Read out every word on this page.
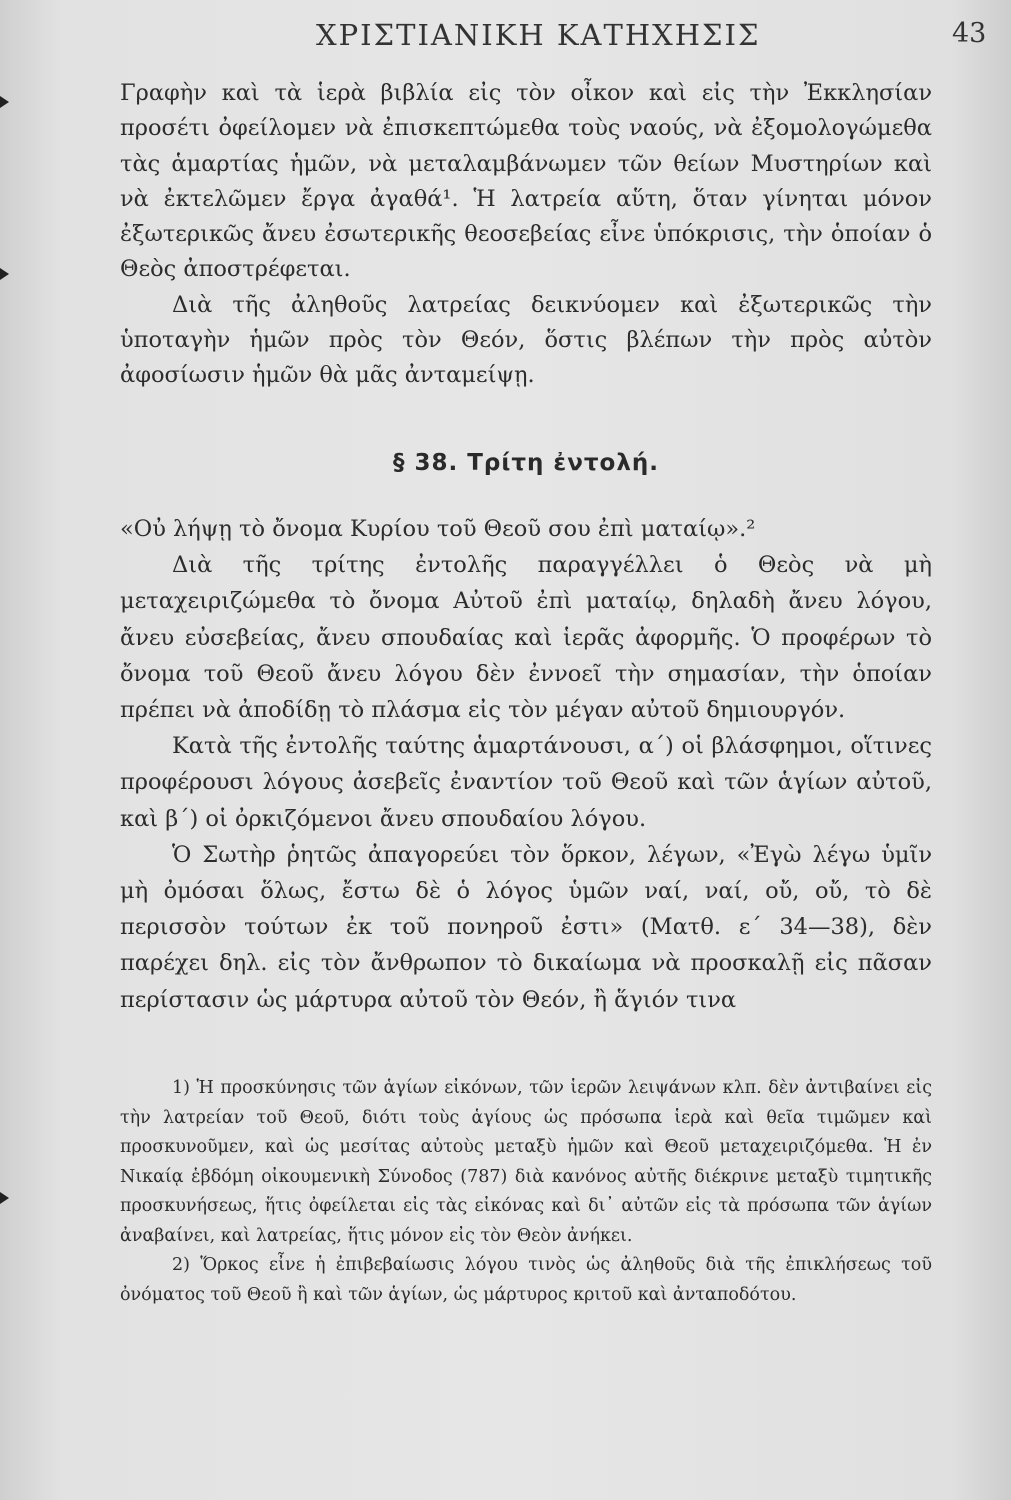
ΧΡΙΣΤΙΑΝΙΚΗ ΚΑΤΗΧΗΣΙΣ	43

Γραφὴν καὶ τὰ ἱερὰ βιβλία εἰς τὸν οἶκον καὶ εἰς τὴν Ἐκκλησίαν προσέτι ὀφείλομεν νὰ ἐπισκεπτώμεθα τοὺς ναούς, νὰ ἐξομολογώμεθα τὰς ἁμαρτίας ἡμῶν, νὰ μεταλαμβάνωμεν τῶν θείων Μυστηρίων καὶ νὰ ἐκτελῶμεν ἔργα ἀγαθά¹. Ἡ λατρεία αὕτη, ὅταν γίνηται μόνον ἐξωτερικῶς ἄνευ ἐσωτερικῆς θεοσεβείας εἶνε ὑπόκρισις, τὴν ὁποίαν ὁ Θεὸς ἀποστρέφεται.

Διὰ τῆς ἀληθοῦς λατρείας δεικνύομεν καὶ ἐξωτερικῶς τὴν ὑποταγὴν ἡμῶν πρὸς τὸν Θεόν, ὅστις βλέπων τὴν πρὸς αὐτὸν ἀφοσίωσιν ἡμῶν θὰ μᾶς ἀνταμείψῃ.

§ 38. Τρίτη ἐντολή.

«Οὐ λήψῃ τὸ ὄνομα Κυρίου τοῦ Θεοῦ σου ἐπὶ ματαίῳ».²

Διὰ τῆς τρίτης ἐντολῆς παραγγέλλει ὁ Θεὸς νὰ μὴ μεταχειριζώμεθα τὸ ὄνομα Αὐτοῦ ἐπὶ ματαίῳ, δηλαδὴ ἄνευ λόγου, ἄνευ εὐσεβείας, ἄνευ σπουδαίας καὶ ἱερᾶς ἀφορμῆς. Ὁ προφέρων τὸ ὄνομα τοῦ Θεοῦ ἄνευ λόγου δὲν ἐννοεῖ τὴν σημασίαν, τὴν ὁποίαν πρέπει νὰ ἀποδίδῃ τὸ πλάσμα εἰς τὸν μέγαν αὐτοῦ δημιουργόν.

Κατὰ τῆς ἐντολῆς ταύτης ἁμαρτάνουσι, α΄) οἱ βλάσφημοι, οἵτινες προφέρουσι λόγους ἀσεβεῖς ἐναντίον τοῦ Θεοῦ καὶ τῶν ἁγίων αὐτοῦ, καὶ β΄) οἱ ὀρκιζόμενοι ἄνευ σπουδαίου λόγου.

Ὁ Σωτὴρ ῥητῶς ἀπαγορεύει τὸν ὅρκον, λέγων, «Ἐγὼ λέγω ὑμῖν μὴ ὀμόσαι ὅλως, ἔστω δὲ ὁ λόγος ὑμῶν ναί, ναί, οὔ, οὔ, τὸ δὲ περισσὸν τούτων ἐκ τοῦ πονηροῦ ἐστι» (Ματθ. ε΄ 34—38), δὲν παρέχει δηλ. εἰς τὸν ἄνθρωπον τὸ δικαίωμα νὰ προσκαλῇ εἰς πᾶσαν περίστασιν ὡς μάρτυρα αὐτοῦ τὸν Θεόν, ἢ ἅγιόν τινα

1) Ἡ προσκύνησις τῶν ἁγίων εἰκόνων, τῶν ἱερῶν λειψάνων κλπ. δὲν ἀντιβαίνει εἰς τὴν λατρείαν τοῦ Θεοῦ, διότι τοὺς ἁγίους ὡς πρόσωπα ἱερὰ καὶ θεῖα τιμῶμεν καὶ προσκυνοῦμεν, καὶ ὡς μεσίτας αὐτοὺς μεταξὺ ἡμῶν καὶ Θεοῦ μεταχειριζόμεθα. Ἡ ἐν Νικαίᾳ ἑβδόμη οἰκουμενικὴ Σύνοδος (787) διὰ κανόνος αὐτῆς διέκρινε μεταξὺ τιμητικῆς προσκυνήσεως, ἥτις ὀφείλεται εἰς τὰς εἰκόνας καὶ δι᾽ αὐτῶν εἰς τὰ πρόσωπα τῶν ἁγίων ἀναβαίνει, καὶ λατρείας, ἥτις μόνον εἰς τὸν Θεὸν ἀνήκει.

2) Ὅρκος εἶνε ἡ ἐπιβεβαίωσις λόγου τινὸς ὡς ἀληθοῦς διὰ τῆς ἐπικλήσεως τοῦ ὀνόματος τοῦ Θεοῦ ἢ καὶ τῶν ἁγίων, ὡς μάρτυρος κριτοῦ καὶ ἀνταποδότου.
